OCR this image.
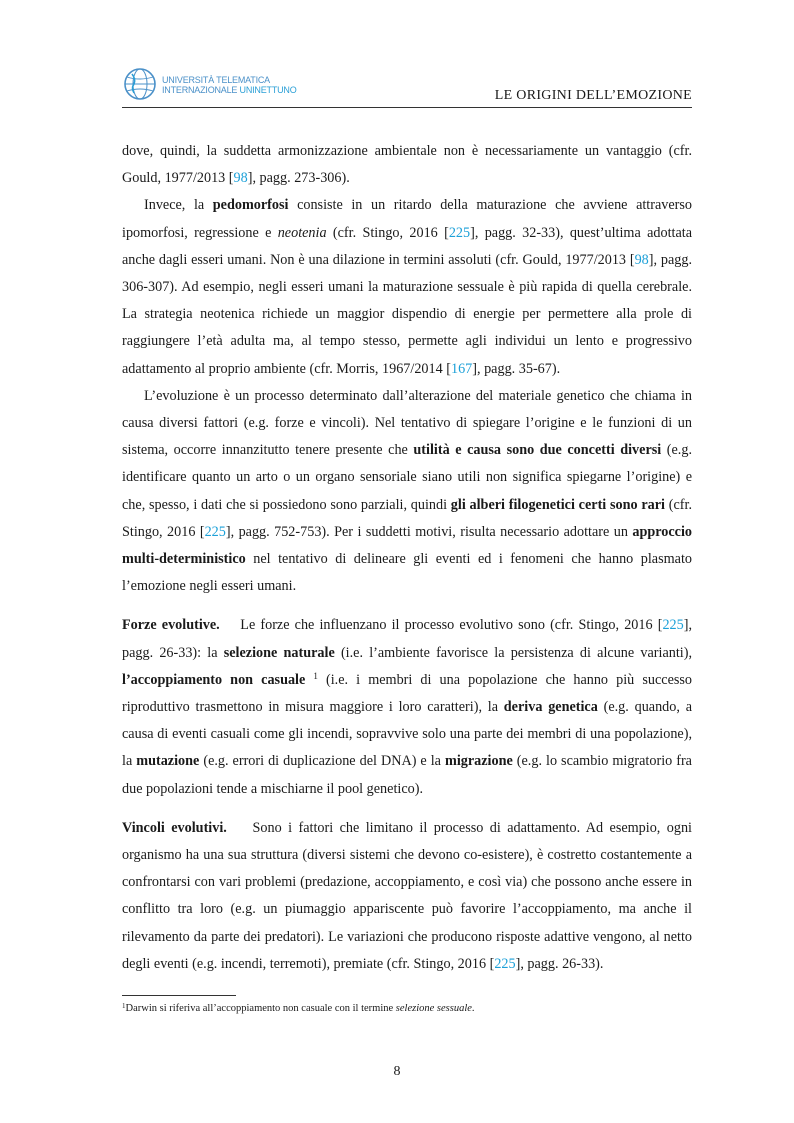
UNIVERSITÀ TELEMATICA
INTERNAZIONALE UNINETTUNO	LE ORIGINI DELL’EMOZIONE

dove, quindi, la suddetta armonizzazione ambientale non è necessariamente un vantaggio (cfr. Gould, 1977/2013 [98], pagg. 273-306).

Invece, la pedomorfosi consiste in un ritardo della maturazione che avviene attraverso ipomorfosi, regressione e neotenia (cfr. Stingo, 2016 [225], pagg. 32-33), quest’ultima adottata anche dagli esseri umani. Non è una dilazione in termini assoluti (cfr. Gould, 1977/2013 [98], pagg. 306-307). Ad esempio, negli esseri umani la maturazione sessuale è più rapida di quella cerebrale. La strategia neotenica richiede un maggior dispendio di energie per permettere alla prole di raggiungere l’età adulta ma, al tempo stesso, permette agli individui un lento e progressivo adattamento al proprio ambiente (cfr. Morris, 1967/2014 [167], pagg. 35-67).

L’evoluzione è un processo determinato dall’alterazione del materiale genetico che chiama in causa diversi fattori (e.g. forze e vincoli). Nel tentativo di spiegare l’origine e le funzioni di un sistema, occorre innanzitutto tenere presente che utilità e causa sono due concetti diversi (e.g. identificare quanto un arto o un organo sensoriale siano utili non significa spiegarne l’origine) e che, spesso, i dati che si possiedono sono parziali, quindi gli alberi filogenetici certi sono rari (cfr. Stingo, 2016 [225], pagg. 752-753). Per i suddetti motivi, risulta necessario adottare un approccio multi-deterministico nel tentativo di delineare gli eventi ed i fenomeni che hanno plasmato l’emozione negli esseri umani.

Forze evolutive. Le forze che influenzano il processo evolutivo sono (cfr. Stingo, 2016 [225], pagg. 26-33): la selezione naturale (i.e. l’ambiente favorisce la persistenza di alcune varianti), l’accoppiamento non casuale $^1$ (i.e. i membri di una popolazione che hanno più successo riproduttivo trasmettono in misura maggiore i loro caratteri), la deriva genetica (e.g. quando, a causa di eventi casuali come gli incendi, sopravvive solo una parte dei membri di una popolazione), la mutazione (e.g. errori di duplicazione del DNA) e la migrazione (e.g. lo scambio migratorio fra due popolazioni tende a mischiarne il pool genetico).

Vincoli evolutivi. Sono i fattori che limitano il processo di adattamento. Ad esempio, ogni organismo ha una sua struttura (diversi sistemi che devono co-esistere), è costretto costantemente a confrontarsi con vari problemi (predazione, accoppiamento, e così via) che possono anche essere in conflitto tra loro (e.g. un piumaggio appariscente può favorire l’accoppiamento, ma anche il rilevamento da parte dei predatori). Le variazioni che producono risposte adattive vengono, al netto degli eventi (e.g. incendi, terremoti), premiate (cfr. Stingo, 2016 [225], pagg. 26-33).

$^1$Darwin si riferiva all’accoppiamento non casuale con il termine selezione sessuale.
8
